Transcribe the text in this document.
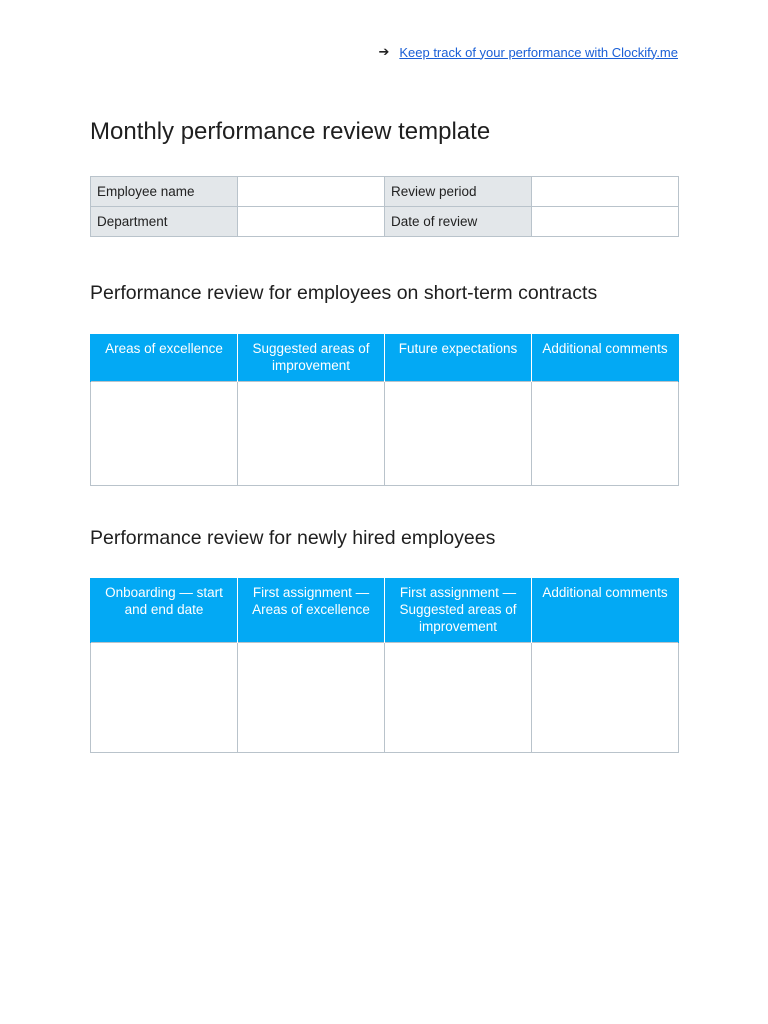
➔ Keep track of your performance with Clockify.me
Monthly performance review template
Employee name		Review period	
Department		Date of review	
Performance review for employees on short-term contracts
Areas of excellence	Suggested areas of improvement	Future expectations	Additional comments

Performance review for newly hired employees
Onboarding — start and end date	First assignment — Areas of excellence	First assignment — Suggested areas of improvement	Additional comments
